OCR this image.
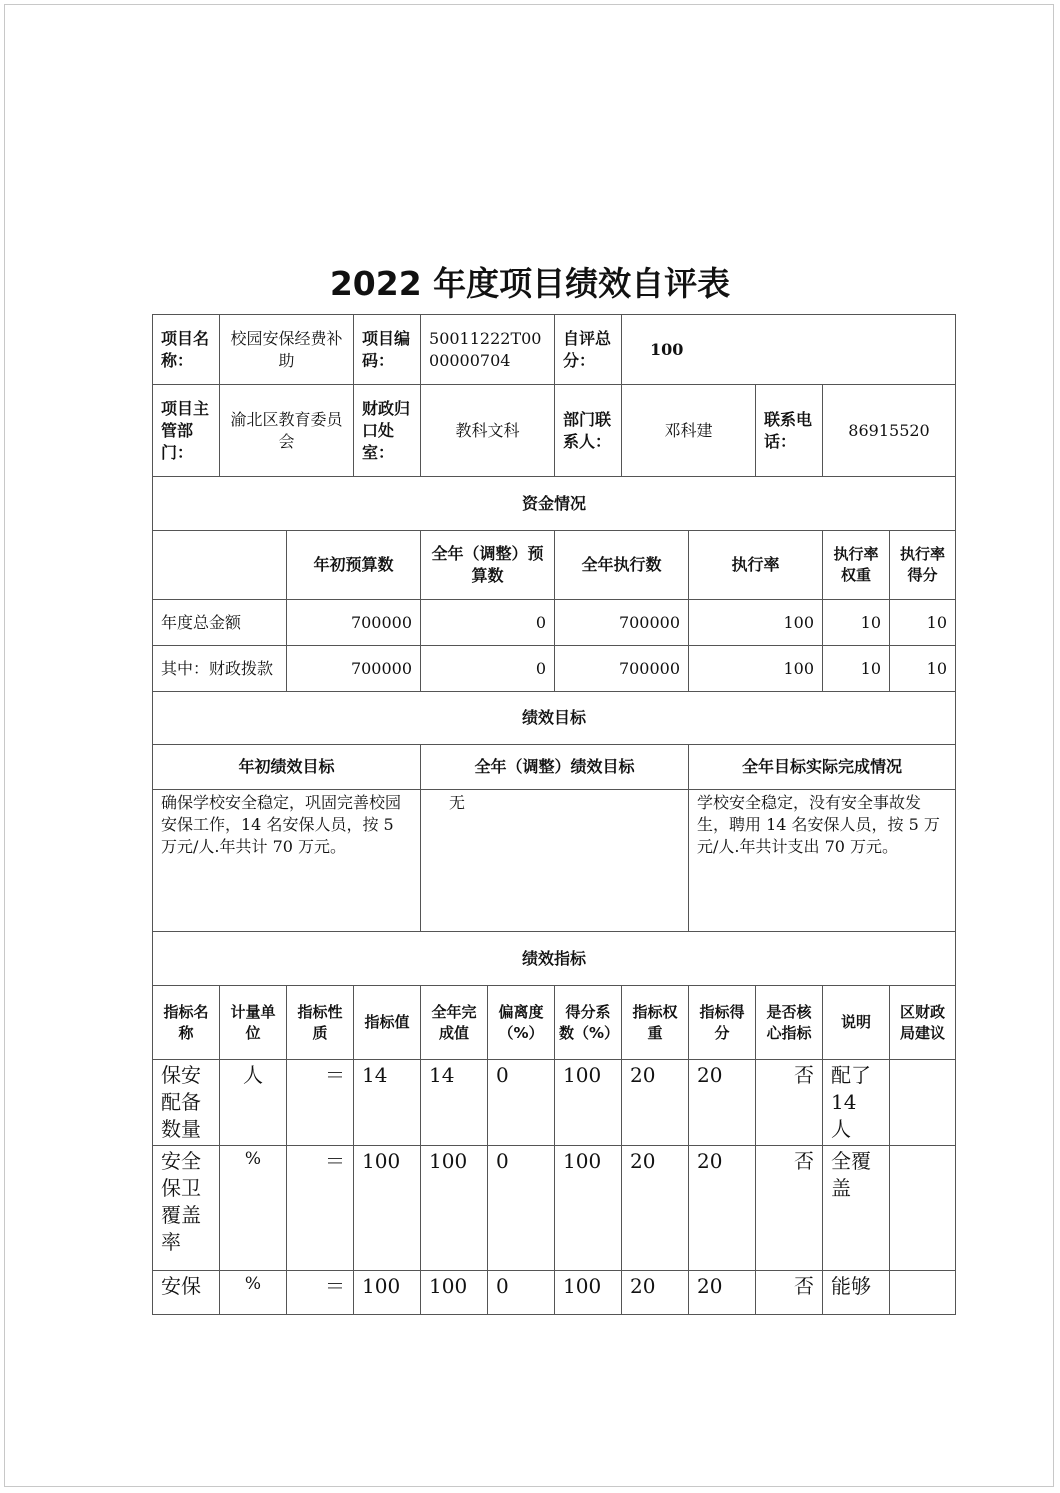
2022 年度项目绩效自评表
项目名称：	校园安保经费补助		项目编码：	50011222T0000000704		自评总分：	100				
项目主管部门：	渝北区教育委员会		财政归口处室：	教科文科		部门联系人：	邓科建		联系电话：	86915520	
资金情况											
		年初预算数		全年（调整）预算数		全年执行数		执行率		执行率权重	执行率得分
年度总金额		700000		0		700000		100		10	10
其中：财政拨款		700000		0		700000		100		10	10
绩效目标											
年初绩效目标				全年（调整）绩效目标				全年目标实际完成情况			
确保学校安全稳定，巩固完善校园安保工作，14 名安保人员，按 5 万元/人.年共计 70 万元。				无				学校安全稳定，没有安全事故发生，聘用 14 名安保人员，按 5 万元/人.年共计支出 70 万元。			
绩效指标											
指标名称	计量单位	指标性质	指标值	全年完成值	偏离度（%）	得分系数（%）	指标权重	指标得分	是否核心指标	说明	区财政局建议
保安配备数量	人	＝	14	14	0	100	20	20	否	配了 14 人	
安全保卫覆盖率	%	＝	100	100	0	100	20	20	否	全覆盖	
安保	%	＝	100	100	0	100	20	20	否	能够	
